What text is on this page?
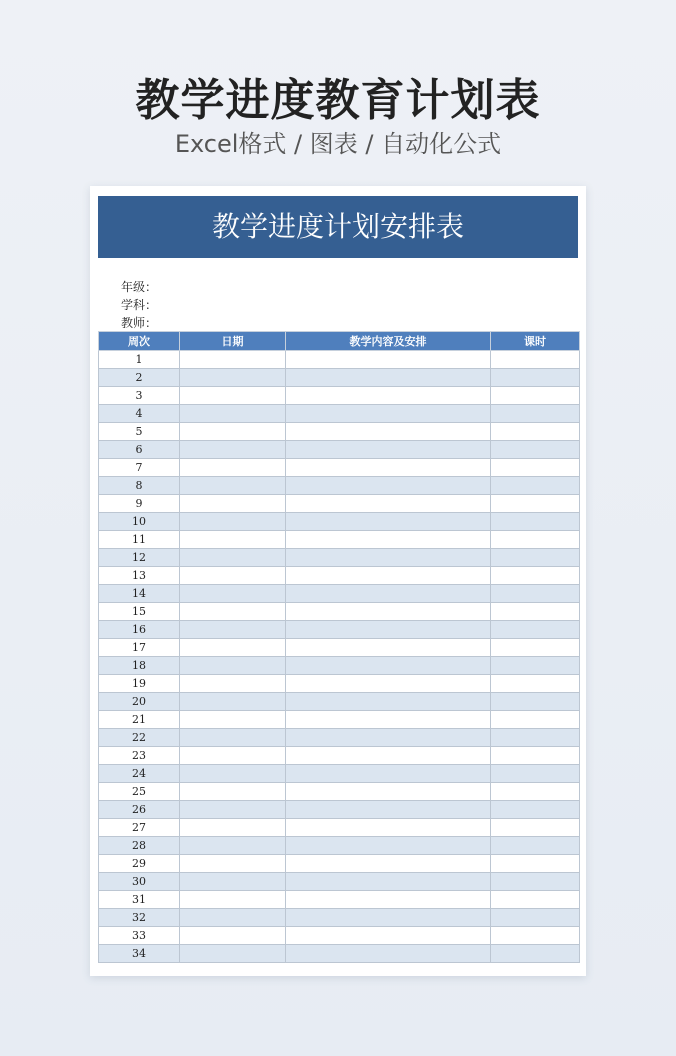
教学进度教育计划表
Excel格式 / 图表 / 自动化公式
教学进度计划安排表
年级：
学科：
教师：
周次	日期	教学内容及安排	课时
1			
2			
3			
4			
5			
6			
7			
8			
9			
10			
11			
12			
13			
14			
15			
16			
17			
18			
19			
20			
21			
22			
23			
24			
25			
26			
27			
28			
29			
30			
31			
32			
33			
34			
